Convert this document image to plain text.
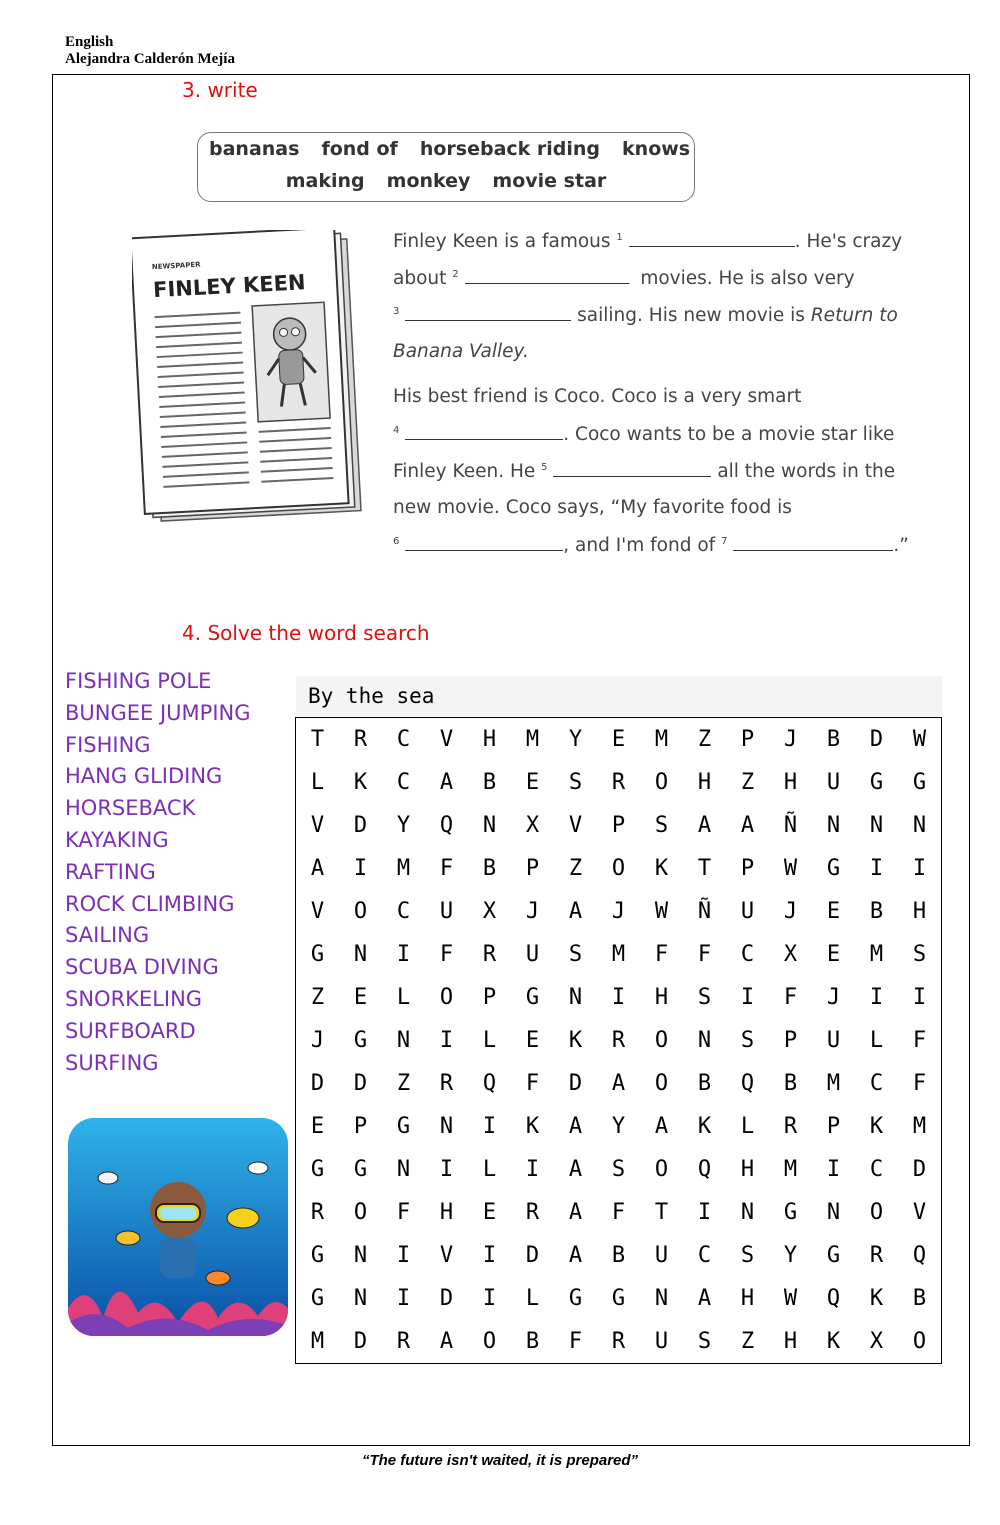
English
Alejandra Calderón Mejía
3. write
bananas fond of horseback riding knows
making monkey movie star
NEWSPAPER
FINLEY KEEN
Finley Keen is a famous $^1$	. He's crazy
about $^2$	movies. He is also very
$^3$	sailing. His new movie is Return to
Banana Valley.
His best friend is Coco. Coco is a very smart
$^4$	. Coco wants to be a movie star like
Finley Keen. He $^5$	all the words in the
new movie. Coco says, “My favorite food is
$^6$	, and I'm fond of $^7$	.”
4. Solve the word search
FISHING POLE
BUNGEE JUMPING
FISHING
HANG GLIDING
HORSEBACK
KAYAKING
RAFTING
ROCK CLIMBING
SAILING
SCUBA DIVING
SNORKELING
SURFBOARD
SURFING
By the sea
T	R	C	V	H	M	Y	E	M	Z	P	J	B	D	W
L	K	C	A	B	E	S	R	O	H	Z	H	U	G	G
V	D	Y	Q	N	X	V	P	S	A	A	Ñ	N	N	N
A	I	M	F	B	P	Z	O	K	T	P	W	G	I	I
V	O	C	U	X	J	A	J	W	Ñ	U	J	E	B	H
G	N	I	F	R	U	S	M	F	F	C	X	E	M	S
Z	E	L	O	P	G	N	I	H	S	I	F	J	I	I
J	G	N	I	L	E	K	R	O	N	S	P	U	L	F
D	D	Z	R	Q	F	D	A	O	B	Q	B	M	C	F
E	P	G	N	I	K	A	Y	A	K	L	R	P	K	M
G	G	N	I	L	I	A	S	O	Q	H	M	I	C	D
R	O	F	H	E	R	A	F	T	I	N	G	N	O	V
G	N	I	V	I	D	A	B	U	C	S	Y	G	R	Q
G	N	I	D	I	L	G	G	N	A	H	W	Q	K	B
M	D	R	A	O	B	F	R	U	S	Z	H	K	X	O
“The future isn't waited, it is prepared”
